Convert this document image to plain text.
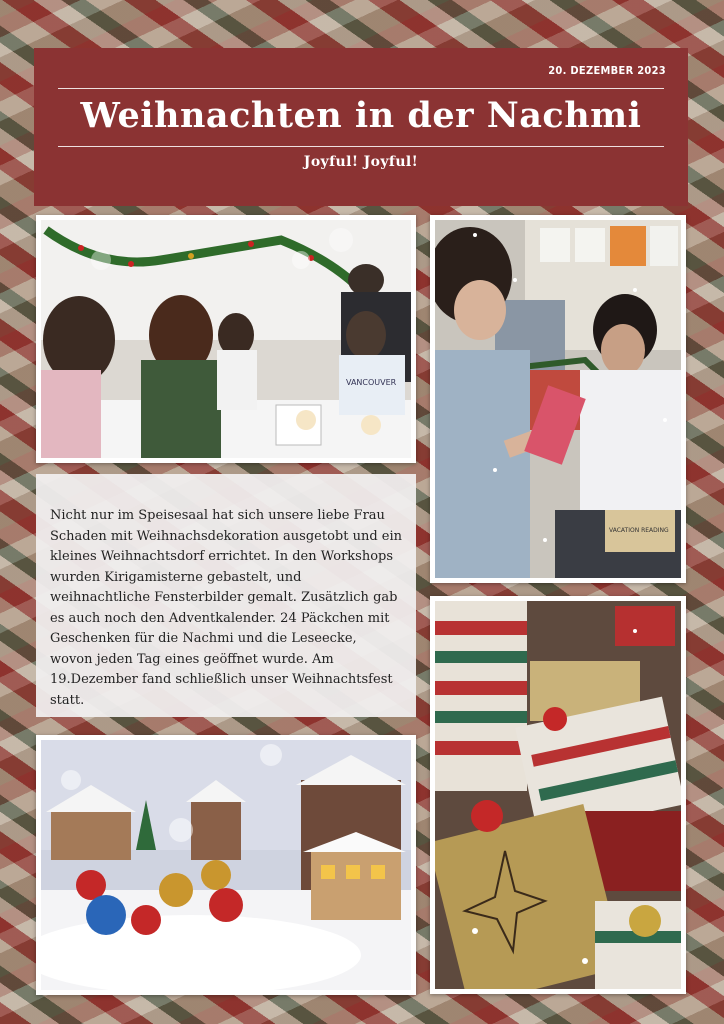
20. DEZEMBER 2023
Weihnachten in der Nachmi
Joyful! Joyful!
VANCOUVER
VACATION READING
Nicht nur im Speisesaal hat sich unsere liebe Frau Schaden mit Weihnachsdekoration ausgetobt und ein kleines Weihnachtsdorf errichtet. In den Workshops wurden Kirigamisterne gebastelt, und weihnachtliche Fensterbilder gemalt. Zusätzlich gab es auch noch den Adventkalender. 24 Päckchen mit Geschenken für die Nachmi und die Leseecke, wovon jeden Tag eines geöffnet wurde. Am 19.Dezember fand schließlich unser Weihnachtsfest statt.
